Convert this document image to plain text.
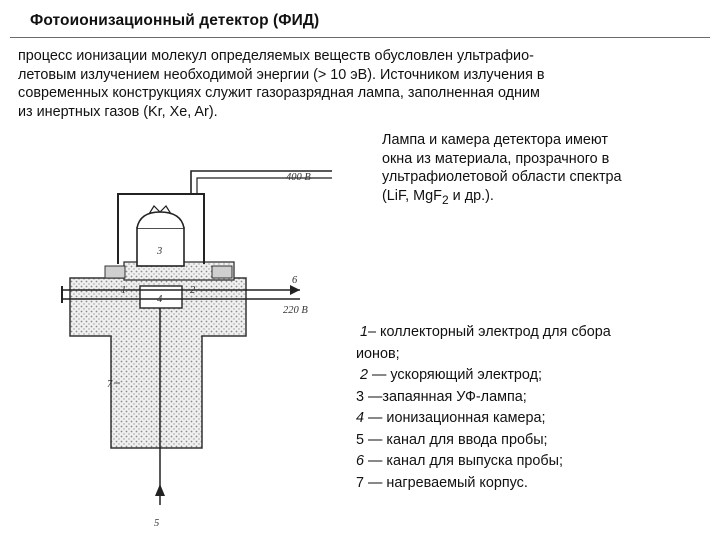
Фотоионизационный детектор (ФИД)
процесс ионизации молекул определяемых веществ обусловлен ультрафио-
летовым излучением необходимой энергии (> 10 эВ). Источником излучения в
современных конструкциях служит газоразрядная лампа, заполненная одним
из инертных газов (Kr, Xe, Ar).
Лампа и камера детектора имеют
окна из материала, прозрачного в
ультрафиолетовой области спектра
(LiF, MgF$_2$ и др.).
400 В
220 В
6
3
4
1	2
7
5
1– коллекторный электрод для сбора
ионов;
2 — ускоряющий электрод;
3 —запаянная УФ-лампа;
4 — ионизационная камера;
5 — канал для ввода пробы;
6 — канал для выпуска пробы;
7 — нагреваемый корпус.
